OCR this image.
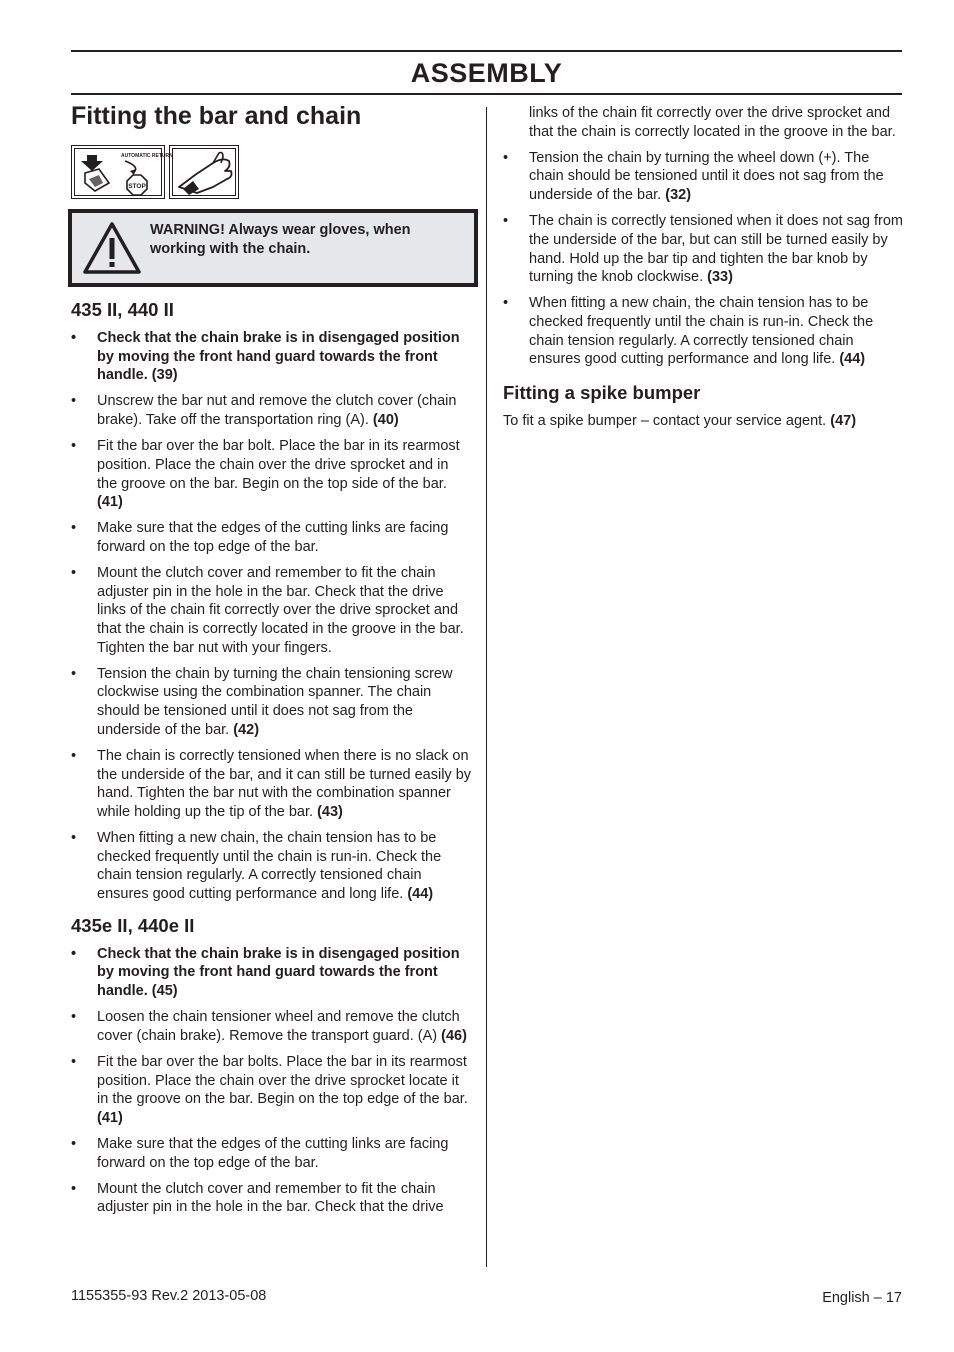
ASSEMBLY
Fitting the bar and chain
AUTOMATIC RETURN
STOP
WARNING! Always wear gloves, when working with the chain.
435 II, 440 II
• Check that the chain brake is in disengaged position by moving the front hand guard towards the front handle. (39)
• Unscrew the bar nut and remove the clutch cover (chain brake). Take off the transportation ring (A). (40)
• Fit the bar over the bar bolt. Place the bar in its rearmost position. Place the chain over the drive sprocket and in the groove on the bar. Begin on the top side of the bar. (41)
• Make sure that the edges of the cutting links are facing forward on the top edge of the bar.
• Mount the clutch cover and remember to fit the chain adjuster pin in the hole in the bar. Check that the drive links of the chain fit correctly over the drive sprocket and that the chain is correctly located in the groove in the bar. Tighten the bar nut with your fingers.
• Tension the chain by turning the chain tensioning screw clockwise using the combination spanner. The chain should be tensioned until it does not sag from the underside of the bar. (42)
• The chain is correctly tensioned when there is no slack on the underside of the bar, and it can still be turned easily by hand. Tighten the bar nut with the combination spanner while holding up the tip of the bar. (43)
• When fitting a new chain, the chain tension has to be checked frequently until the chain is run-in. Check the chain tension regularly. A correctly tensioned chain ensures good cutting performance and long life. (44)
435e II, 440e II
• Check that the chain brake is in disengaged position by moving the front hand guard towards the front handle. (45)
• Loosen the chain tensioner wheel and remove the clutch cover (chain brake). Remove the transport guard. (A) (46)
• Fit the bar over the bar bolts. Place the bar in its rearmost position. Place the chain over the drive sprocket locate it in the groove on the bar. Begin on the top edge of the bar. (41)
• Make sure that the edges of the cutting links are facing forward on the top edge of the bar.
• Mount the clutch cover and remember to fit the chain adjuster pin in the hole in the bar. Check that the drive
links of the chain fit correctly over the drive sprocket and that the chain is correctly located in the groove in the bar.
• Tension the chain by turning the wheel down (+). The chain should be tensioned until it does not sag from the underside of the bar. (32)
• The chain is correctly tensioned when it does not sag from the underside of the bar, but can still be turned easily by hand. Hold up the bar tip and tighten the bar knob by turning the knob clockwise. (33)
• When fitting a new chain, the chain tension has to be checked frequently until the chain is run-in. Check the chain tension regularly. A correctly tensioned chain ensures good cutting performance and long life. (44)
Fitting a spike bumper

To fit a spike bumper – contact your service agent. (47)

1155355-93 Rev.2 2013-05-08	English – 17
